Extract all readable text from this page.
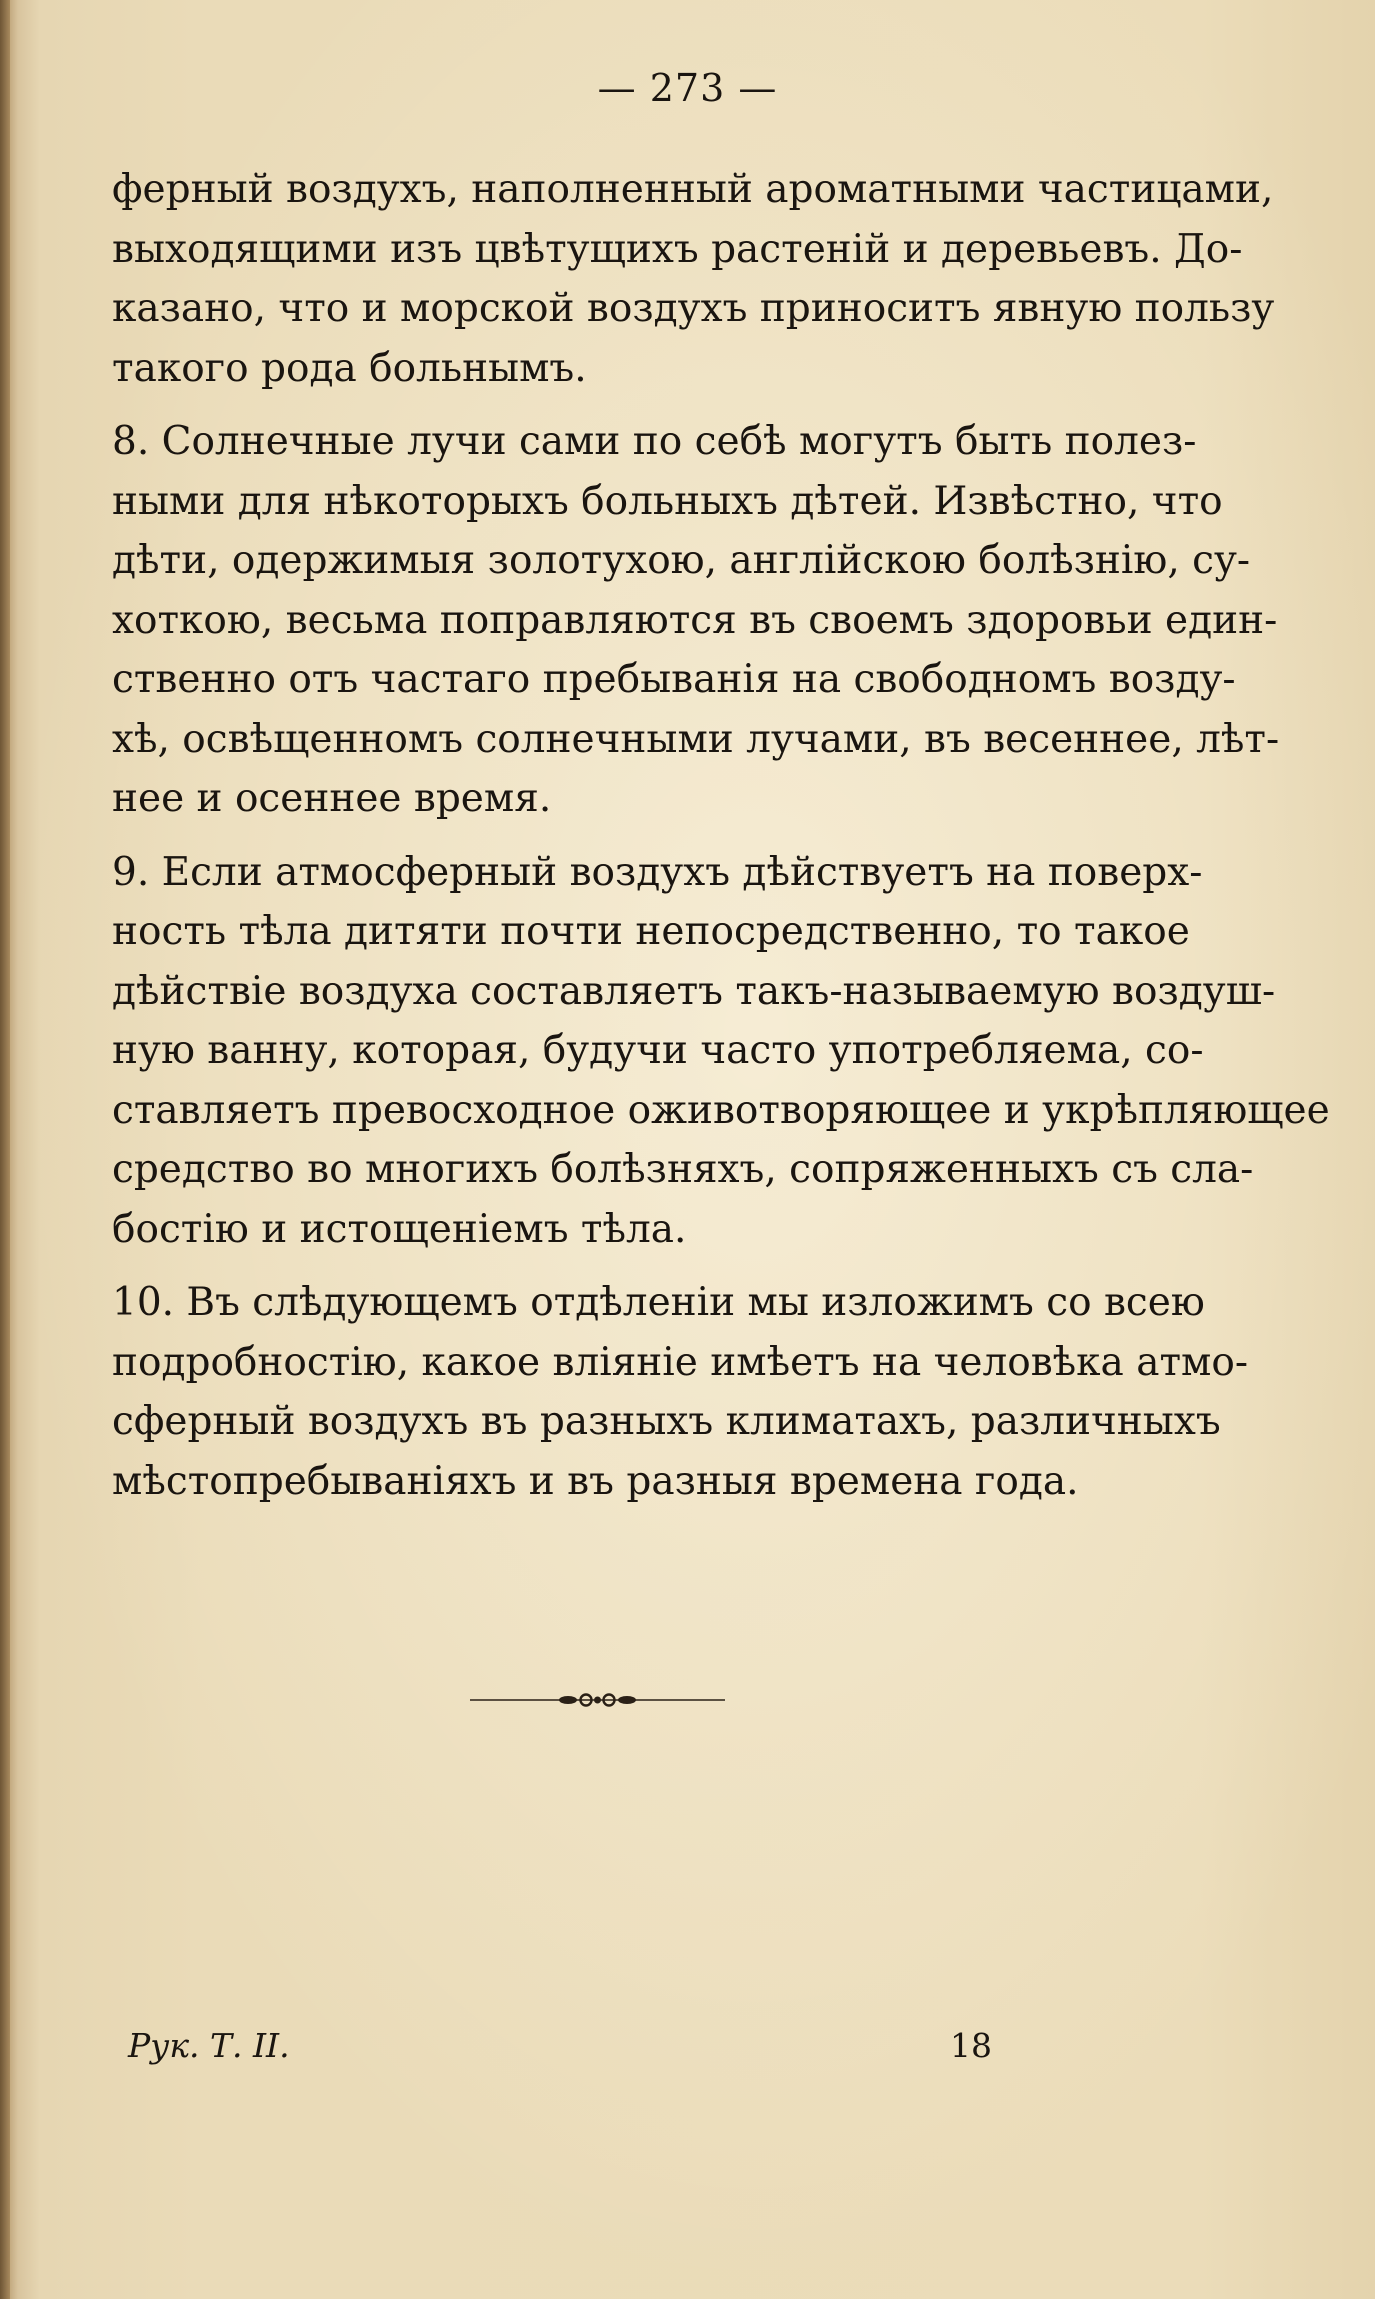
— 273 —

ферный воздухъ, наполненный ароматными частицами,
выходящими изъ цвѣтущихъ растеній и деревьевъ. До-
казано, что и морской воздухъ приноситъ явную пользу
такого рода больнымъ.

8. Солнечные лучи сами по себѣ могутъ быть полез-
ными для нѣкоторыхъ больныхъ дѣтей. Извѣстно, что
дѣти, одержимыя золотухою, англійскою болѣзнію, су-
хоткою, весьма поправляются въ своемъ здоровьи един-
ственно отъ частаго пребыванія на свободномъ возду-
хѣ, освѣщенномъ солнечными лучами, въ весеннее, лѣт-
нее и осеннее время.

9. Если атмосферный воздухъ дѣйствуетъ на поверх-
ность тѣла дитяти почти непосредственно, то такое
дѣйствіе воздуха составляетъ такъ-называемую воздуш-
ную ванну, которая, будучи часто употребляема, со-
ставляетъ превосходное оживотворяющее и укрѣпляющее
средство во многихъ болѣзняхъ, сопряженныхъ съ сла-
бостію и истощеніемъ тѣла.

10. Въ слѣдующемъ отдѣленіи мы изложимъ со всею
подробностію, какое вліяніе имѣетъ на человѣка атмо-
сферный воздухъ въ разныхъ климатахъ, различныхъ
мѣстопребываніяхъ и въ разныя времена года.

Рук. Т. II.	18
